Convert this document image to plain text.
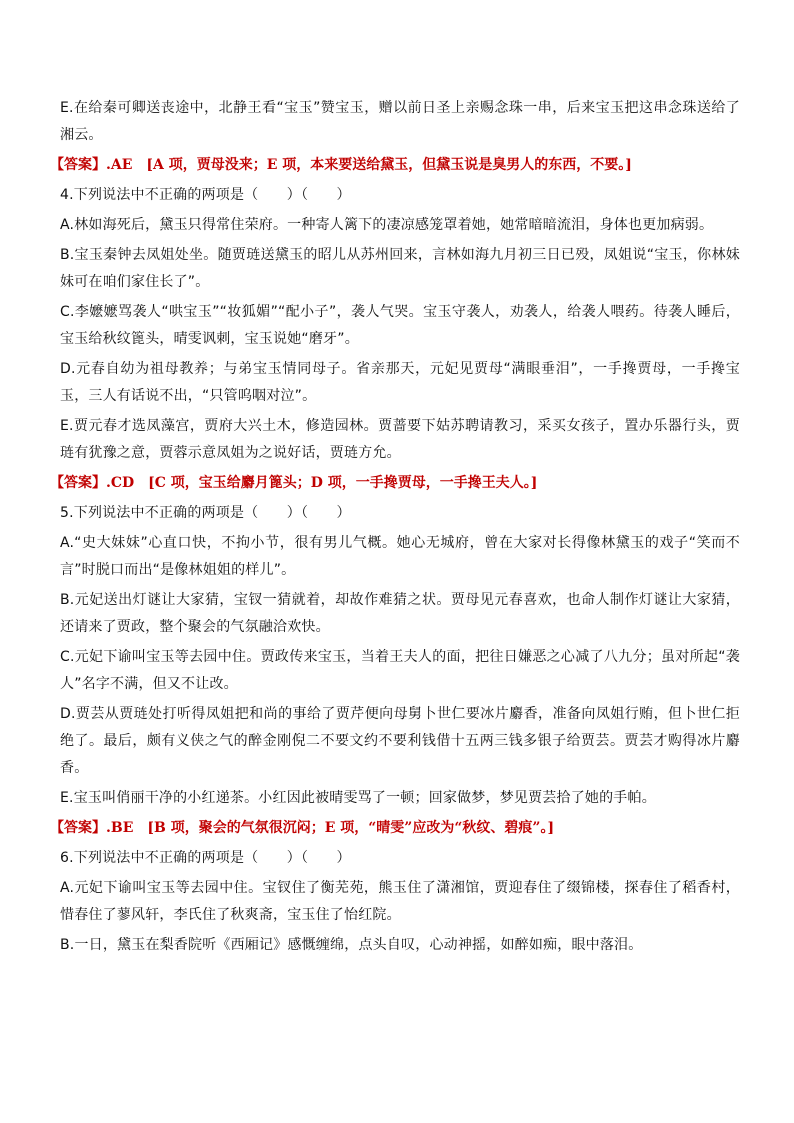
E.在给秦可卿送丧途中，北静王看“宝玉”赞宝玉，赠以前日圣上亲赐念珠一串，后来宝玉把这串念珠送给了湘云。

【答案】.AE　[A 项，贾母没来；E 项，本来要送给黛玉，但黛玉说是臭男人的东西，不要。]

4.下列说法中不正确的两项是（　　）（　　）

A.林如海死后，黛玉只得常住荣府。一种寄人篱下的凄凉感笼罩着她，她常暗暗流泪，身体也更加病弱。

B.宝玉秦钟去凤姐处坐。随贾琏送黛玉的昭儿从苏州回来，言林如海九月初三日已殁，凤姐说“宝玉，你林妹妹可在咱们家住长了”。

C.李嬷嬷骂袭人“哄宝玉”“妆狐媚”“配小子”，袭人气哭。宝玉守袭人，劝袭人，给袭人喂药。待袭人睡后，宝玉给秋纹篦头，晴雯讽刺，宝玉说她“磨牙”。

D.元春自幼为祖母教养；与弟宝玉情同母子。省亲那天，元妃见贾母“满眼垂泪”，一手搀贾母，一手搀宝玉，三人有话说不出，“只管呜咽对泣”。

E.贾元春才选凤藻宫，贾府大兴土木，修造园林。贾蔷要下姑苏聘请教习，采买女孩子，置办乐器行头，贾琏有犹豫之意，贾蓉示意凤姐为之说好话，贾琏方允。

【答案】.CD　[C 项，宝玉给麝月篦头；D 项，一手搀贾母，一手搀王夫人。]

5.下列说法中不正确的两项是（　　）（　　）

A.“史大妹妹”心直口快，不拘小节，很有男儿气概。她心无城府，曾在大家对长得像林黛玉的戏子“笑而不言”时脱口而出“是像林姐姐的样儿”。

B.元妃送出灯谜让大家猜，宝钗一猜就着，却故作难猜之状。贾母见元春喜欢，也命人制作灯谜让大家猜，还请来了贾政，整个聚会的气氛融洽欢快。

C.元妃下谕叫宝玉等去园中住。贾政传来宝玉，当着王夫人的面，把往日嫌恶之心减了八九分；虽对所起“袭人”名字不满，但又不让改。

D.贾芸从贾琏处打听得凤姐把和尚的事给了贾芹便向母舅卜世仁要冰片麝香，准备向凤姐行贿，但卜世仁拒绝了。最后，颇有义侠之气的醉金刚倪二不要文约不要利钱借十五两三钱多银子给贾芸。贾芸才购得冰片麝香。

E.宝玉叫俏丽干净的小红递茶。小红因此被晴雯骂了一顿；回家做梦，梦见贾芸拾了她的手帕。

【答案】.BE　[B 项，聚会的气氛很沉闷；E 项，“晴雯”应改为“秋纹、碧痕”。]

6.下列说法中不正确的两项是（　　）（　　）

A.元妃下谕叫宝玉等去园中住。宝钗住了衡芜苑，熊玉住了潇湘馆，贾迎春住了缀锦楼，探春住了稻香村，惜春住了蓼风轩，李氏住了秋爽斋，宝玉住了怡红院。

B.一日，黛玉在梨香院听《西厢记》感慨缠绵，点头自叹，心动神摇，如醉如痴，眼中落泪。
